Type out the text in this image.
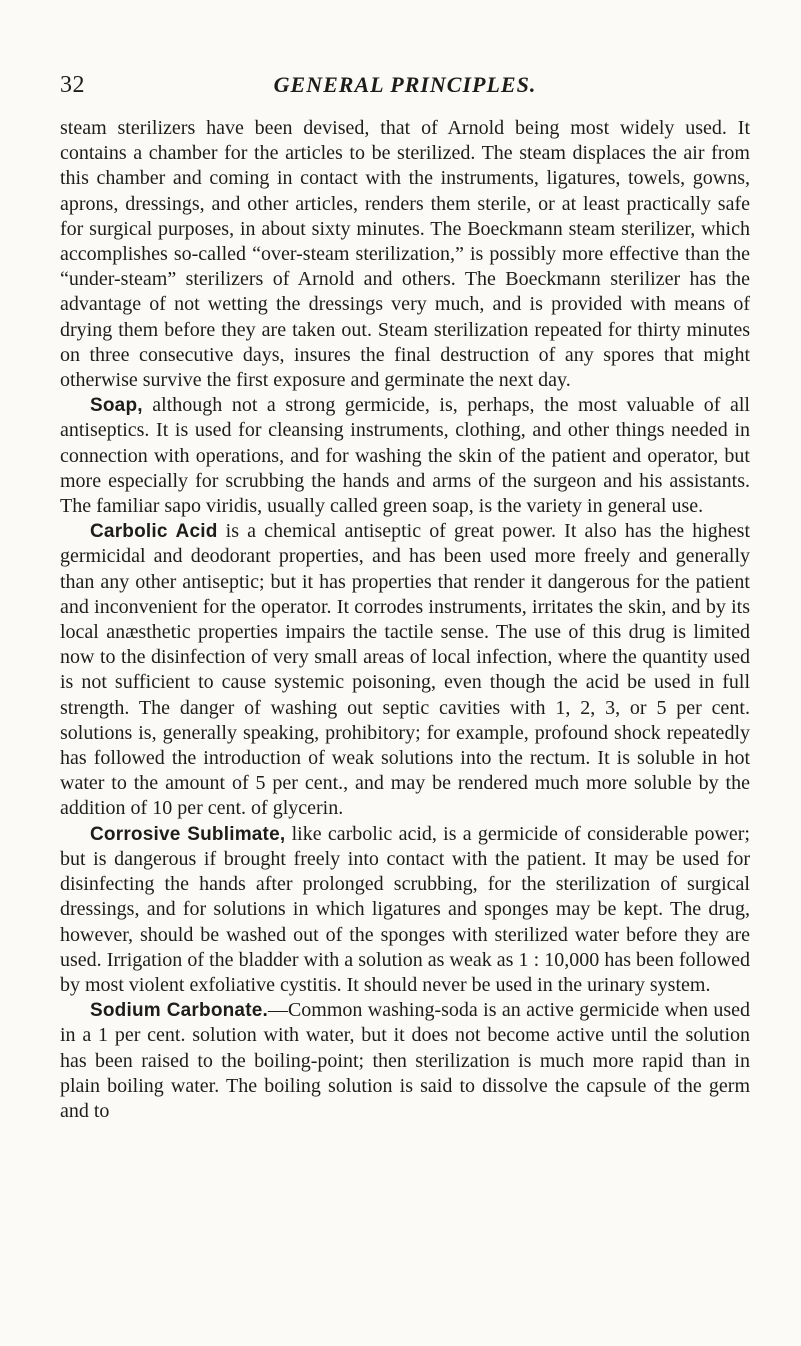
32	GENERAL PRINCIPLES.

steam sterilizers have been devised, that of Arnold being most widely used. It contains a chamber for the articles to be sterilized. The steam displaces the air from this chamber and coming in contact with the instruments, ligatures, towels, gowns, aprons, dressings, and other articles, renders them sterile, or at least practically safe for surgical purposes, in about sixty minutes. The Boeckmann steam sterilizer, which accomplishes so-called “over-steam sterilization,” is possibly more effective than the “under-steam” sterilizers of Arnold and others. The Boeckmann sterilizer has the advantage of not wetting the dressings very much, and is provided with means of drying them before they are taken out. Steam sterilization repeated for thirty minutes on three consecutive days, insures the final destruction of any spores that might otherwise survive the first exposure and germinate the next day.

Soap, although not a strong germicide, is, perhaps, the most valuable of all antiseptics. It is used for cleansing instruments, clothing, and other things needed in connection with operations, and for washing the skin of the patient and operator, but more especially for scrubbing the hands and arms of the surgeon and his assistants. The familiar sapo viridis, usually called green soap, is the variety in general use.

Carbolic Acid is a chemical antiseptic of great power. It also has the highest germicidal and deodorant properties, and has been used more freely and generally than any other antiseptic; but it has properties that render it dangerous for the patient and inconvenient for the operator. It corrodes instruments, irritates the skin, and by its local anæsthetic properties impairs the tactile sense. The use of this drug is limited now to the disinfection of very small areas of local infection, where the quantity used is not sufficient to cause systemic poisoning, even though the acid be used in full strength. The danger of washing out septic cavities with 1, 2, 3, or 5 per cent. solutions is, generally speaking, prohibitory; for example, profound shock repeatedly has followed the introduction of weak solutions into the rectum. It is soluble in hot water to the amount of 5 per cent., and may be rendered much more soluble by the addition of 10 per cent. of glycerin.

Corrosive Sublimate, like carbolic acid, is a germicide of considerable power; but is dangerous if brought freely into contact with the patient. It may be used for disinfecting the hands after prolonged scrubbing, for the sterilization of surgical dressings, and for solutions in which ligatures and sponges may be kept. The drug, however, should be washed out of the sponges with sterilized water before they are used. Irrigation of the bladder with a solution as weak as 1 : 10,000 has been followed by most violent exfoliative cystitis. It should never be used in the urinary system.

Sodium Carbonate.—Common washing-soda is an active germicide when used in a 1 per cent. solution with water, but it does not become active until the solution has been raised to the boiling-point; then sterilization is much more rapid than in plain boiling water. The boiling solution is said to dissolve the capsule of the germ and to
